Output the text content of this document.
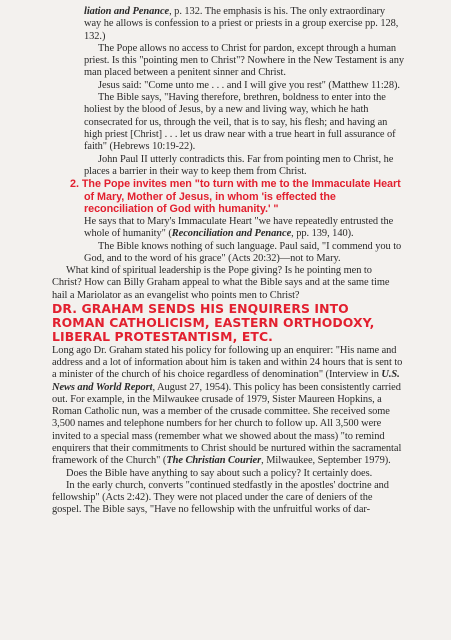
liation and Penance, p. 132. The emphasis is his. The only extraordinary way he allows is confession to a priest or priests in a group exercise pp. 128, 132.)

The Pope allows no access to Christ for pardon, except through a human priest. Is this "pointing men to Christ"? Nowhere in the New Testament is any man placed between a penitent sinner and Christ.

Jesus said: "Come unto me . . . and I will give you rest" (Matthew 11:28).

The Bible says, "Having therefore, brethren, boldness to enter into the holiest by the blood of Jesus, by a new and living way, which he hath consecrated for us, through the veil, that is to say, his flesh; and having an high priest [Christ] . . . let us draw near with a true heart in full assurance of faith" (Hebrews 10:19-22).

John Paul II utterly contradicts this. Far from pointing men to Christ, he places a barrier in their way to keep them from Christ.

2. The Pope invites men "to turn with me to the Immaculate Heart of Mary, Mother of Jesus, in whom 'is effected the reconciliation of God with humanity.' "

He says that to Mary's Immaculate Heart "we have repeatedly entrusted the whole of humanity" (Reconciliation and Penance, pp. 139, 140).

The Bible knows nothing of such language. Paul said, "I commend you to God, and to the word of his grace" (Acts 20:32)—not to Mary.

What kind of spiritual leadership is the Pope giving? Is he pointing men to Christ? How can Billy Graham appeal to what the Bible says and at the same time hail a Mariolator as an evangelist who points men to Christ?

DR. GRAHAM SENDS HIS ENQUIRERS INTO ROMAN CATHOLICISM, EASTERN ORTHODOXY, LIBERAL PROTESTANTISM, ETC.

Long ago Dr. Graham stated his policy for following up an enquirer: "His name and address and a lot of information about him is taken and within 24 hours that is sent to a minister of the church of his choice regardless of denomination" (Interview in U.S. News and World Report, August 27, 1954). This policy has been consistently carried out. For example, in the Milwaukee crusade of 1979, Sister Maureen Hopkins, a Roman Catholic nun, was a member of the crusade committee. She received some 3,500 names and telephone numbers for her church to follow up. All 3,500 were invited to a special mass (remember what we showed about the mass) "to remind enquirers that their commitments to Christ should be nurtured within the sacramental framework of the Church" (The Christian Courier, Milwaukee, September 1979).

Does the Bible have anything to say about such a policy? It certainly does.

In the early church, converts "continued stedfastly in the apostles' doctrine and fellowship" (Acts 2:42). They were not placed under the care of deniers of the gospel. The Bible says, "Have no fellowship with the unfruitful works of dar-
